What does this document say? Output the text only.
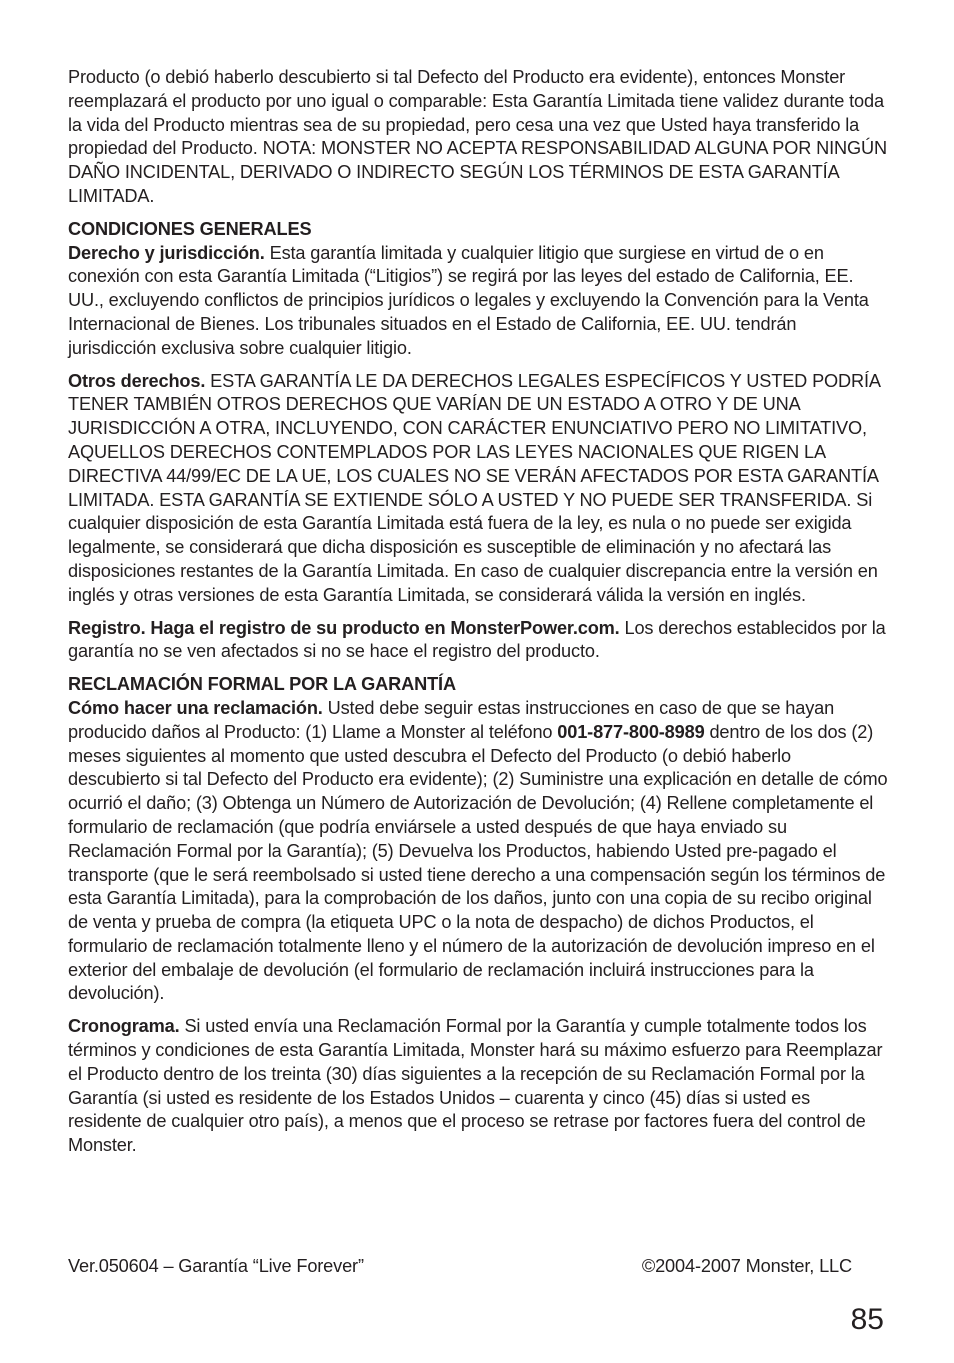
Producto (o debió haberlo descubierto si tal Defecto del Producto era evidente), entonces Monster reemplazará el producto por uno igual o comparable: Esta Garantía Limitada tiene validez durante toda la vida del Producto mientras sea de su propiedad, pero cesa una vez que Usted haya transferido la propiedad del Producto. NOTA: MONSTER NO ACEPTA RESPONSABILIDAD ALGUNA POR NINGÚN DAÑO INCIDENTAL, DERIVADO O INDIRECTO SEGÚN LOS TÉRMINOS DE ESTA GARANTÍA LIMITADA.

CONDICIONES GENERALES

Derecho y jurisdicción. Esta garantía limitada y cualquier litigio que surgiese en virtud de o en conexión con esta Garantía Limitada (“Litigios”) se regirá por las leyes del estado de California, EE. UU., excluyendo conflictos de principios jurídicos o legales y excluyendo la Convención para la Venta Internacional de Bienes. Los tribunales situados en el Estado de California, EE. UU. tendrán jurisdicción exclusiva sobre cualquier litigio.

Otros derechos. ESTA GARANTÍA LE DA DERECHOS LEGALES ESPECÍFICOS Y USTED PODRÍA TENER TAMBIÉN OTROS DERECHOS QUE VARÍAN DE UN ESTADO A OTRO Y DE UNA JURISDICCIÓN A OTRA, INCLUYENDO, CON CARÁCTER ENUNCIATIVO PERO NO LIMITATIVO, AQUELLOS DERECHOS CONTEMPLADOS POR LAS LEYES NACIONALES QUE RIGEN LA DIRECTIVA 44/99/EC DE LA UE, LOS CUALES NO SE VERÁN AFECTADOS POR ESTA GARANTÍA LIMITADA. ESTA GARANTÍA SE EXTIENDE SÓLO A USTED Y NO PUEDE SER TRANSFERIDA. Si cualquier disposición de esta Garantía Limitada está fuera de la ley, es nula o no puede ser exigida legalmente, se considerará que dicha disposición es susceptible de eliminación y no afectará las disposiciones restantes de la Garantía Limitada. En caso de cualquier discrepancia entre la versión en inglés y otras versiones de esta Garantía Limitada, se considerará válida la versión en inglés.

Registro. Haga el registro de su producto en MonsterPower.com. Los derechos establecidos por la garantía no se ven afectados si no se hace el registro del producto.

RECLAMACIÓN FORMAL POR LA GARANTÍA

Cómo hacer una reclamación. Usted debe seguir estas instrucciones en caso de que se hayan producido daños al Producto: (1) Llame a Monster al teléfono 001-877-800-8989 dentro de los dos (2) meses siguientes al momento que usted descubra el Defecto del Producto (o debió haberlo descubierto si tal Defecto del Producto era evidente); (2) Suministre una explicación en detalle de cómo ocurrió el daño; (3) Obtenga un Número de Autorización de Devolución; (4) Rellene completamente el formulario de reclamación (que podría enviársele a usted después de que haya enviado su Reclamación Formal por la Garantía); (5) Devuelva los Productos, habiendo Usted pre-pagado el transporte (que le será reembolsado si usted tiene derecho a una compensación según los términos de esta Garantía Limitada), para la comprobación de los daños, junto con una copia de su recibo original de venta y prueba de compra (la etiqueta UPC o la nota de despacho) de dichos Productos, el formulario de reclamación totalmente lleno y el número de la autorización de devolución impreso en el exterior del embalaje de devolución (el formulario de reclamación incluirá instrucciones para la devolución).

Cronograma. Si usted envía una Reclamación Formal por la Garantía y cumple totalmente todos los términos y condiciones de esta Garantía Limitada, Monster hará su máximo esfuerzo para Reemplazar el Producto dentro de los treinta (30) días siguientes a la recepción de su Reclamación Formal por la Garantía (si usted es residente de los Estados Unidos – cuarenta y cinco (45) días si usted es residente de cualquier otro país), a menos que el proceso se retrase por factores fuera del control de Monster.

Ver.050604 – Garantía “Live Forever”	©2004-2007 Monster, LLC
85
